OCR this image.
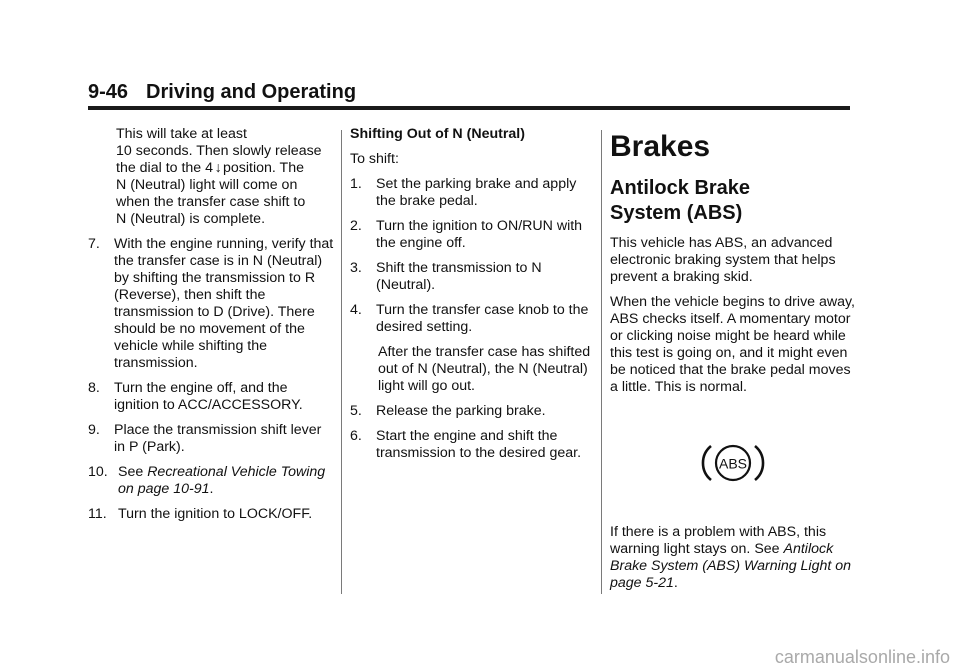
9-46 Driving and Operating
This will take at least
10 seconds. Then slowly release
the dial to the 4↓position. The
N (Neutral) light will come on
when the transfer case shift to
N (Neutral) is complete.
7. With the engine running, verify that the transfer case is in N (Neutral) by shifting the transmission to R (Reverse), then shift the transmission to D (Drive). There should be no movement of the vehicle while shifting the transmission.
8. Turn the engine off, and the ignition to ACC/ACCESSORY.
9. Place the transmission shift lever in P (Park).
10. See Recreational Vehicle Towing on page 10-91.
11. Turn the ignition to LOCK/OFF.

Shifting Out of N (Neutral)

To shift:

1. Set the parking brake and apply the brake pedal.
2. Turn the ignition to ON/RUN with the engine off.
3. Shift the transmission to N (Neutral).
4. Turn the transfer case knob to the desired setting.

After the transfer case has shifted out of N (Neutral), the N (Neutral) light will go out.

5. Release the parking brake.
6. Start the engine and shift the transmission to the desired gear.
Brakes
Antilock Brake
System (ABS)

This vehicle has ABS, an advanced electronic braking system that helps prevent a braking skid.

When the vehicle begins to drive away, ABS checks itself. A momentary motor or clicking noise might be heard while this test is going on, and it might even be noticed that the brake pedal moves a little. This is normal.

ABS

If there is a problem with ABS, this warning light stays on. See Antilock Brake System (ABS) Warning Light on page 5-21.

carmanualsonline.info
